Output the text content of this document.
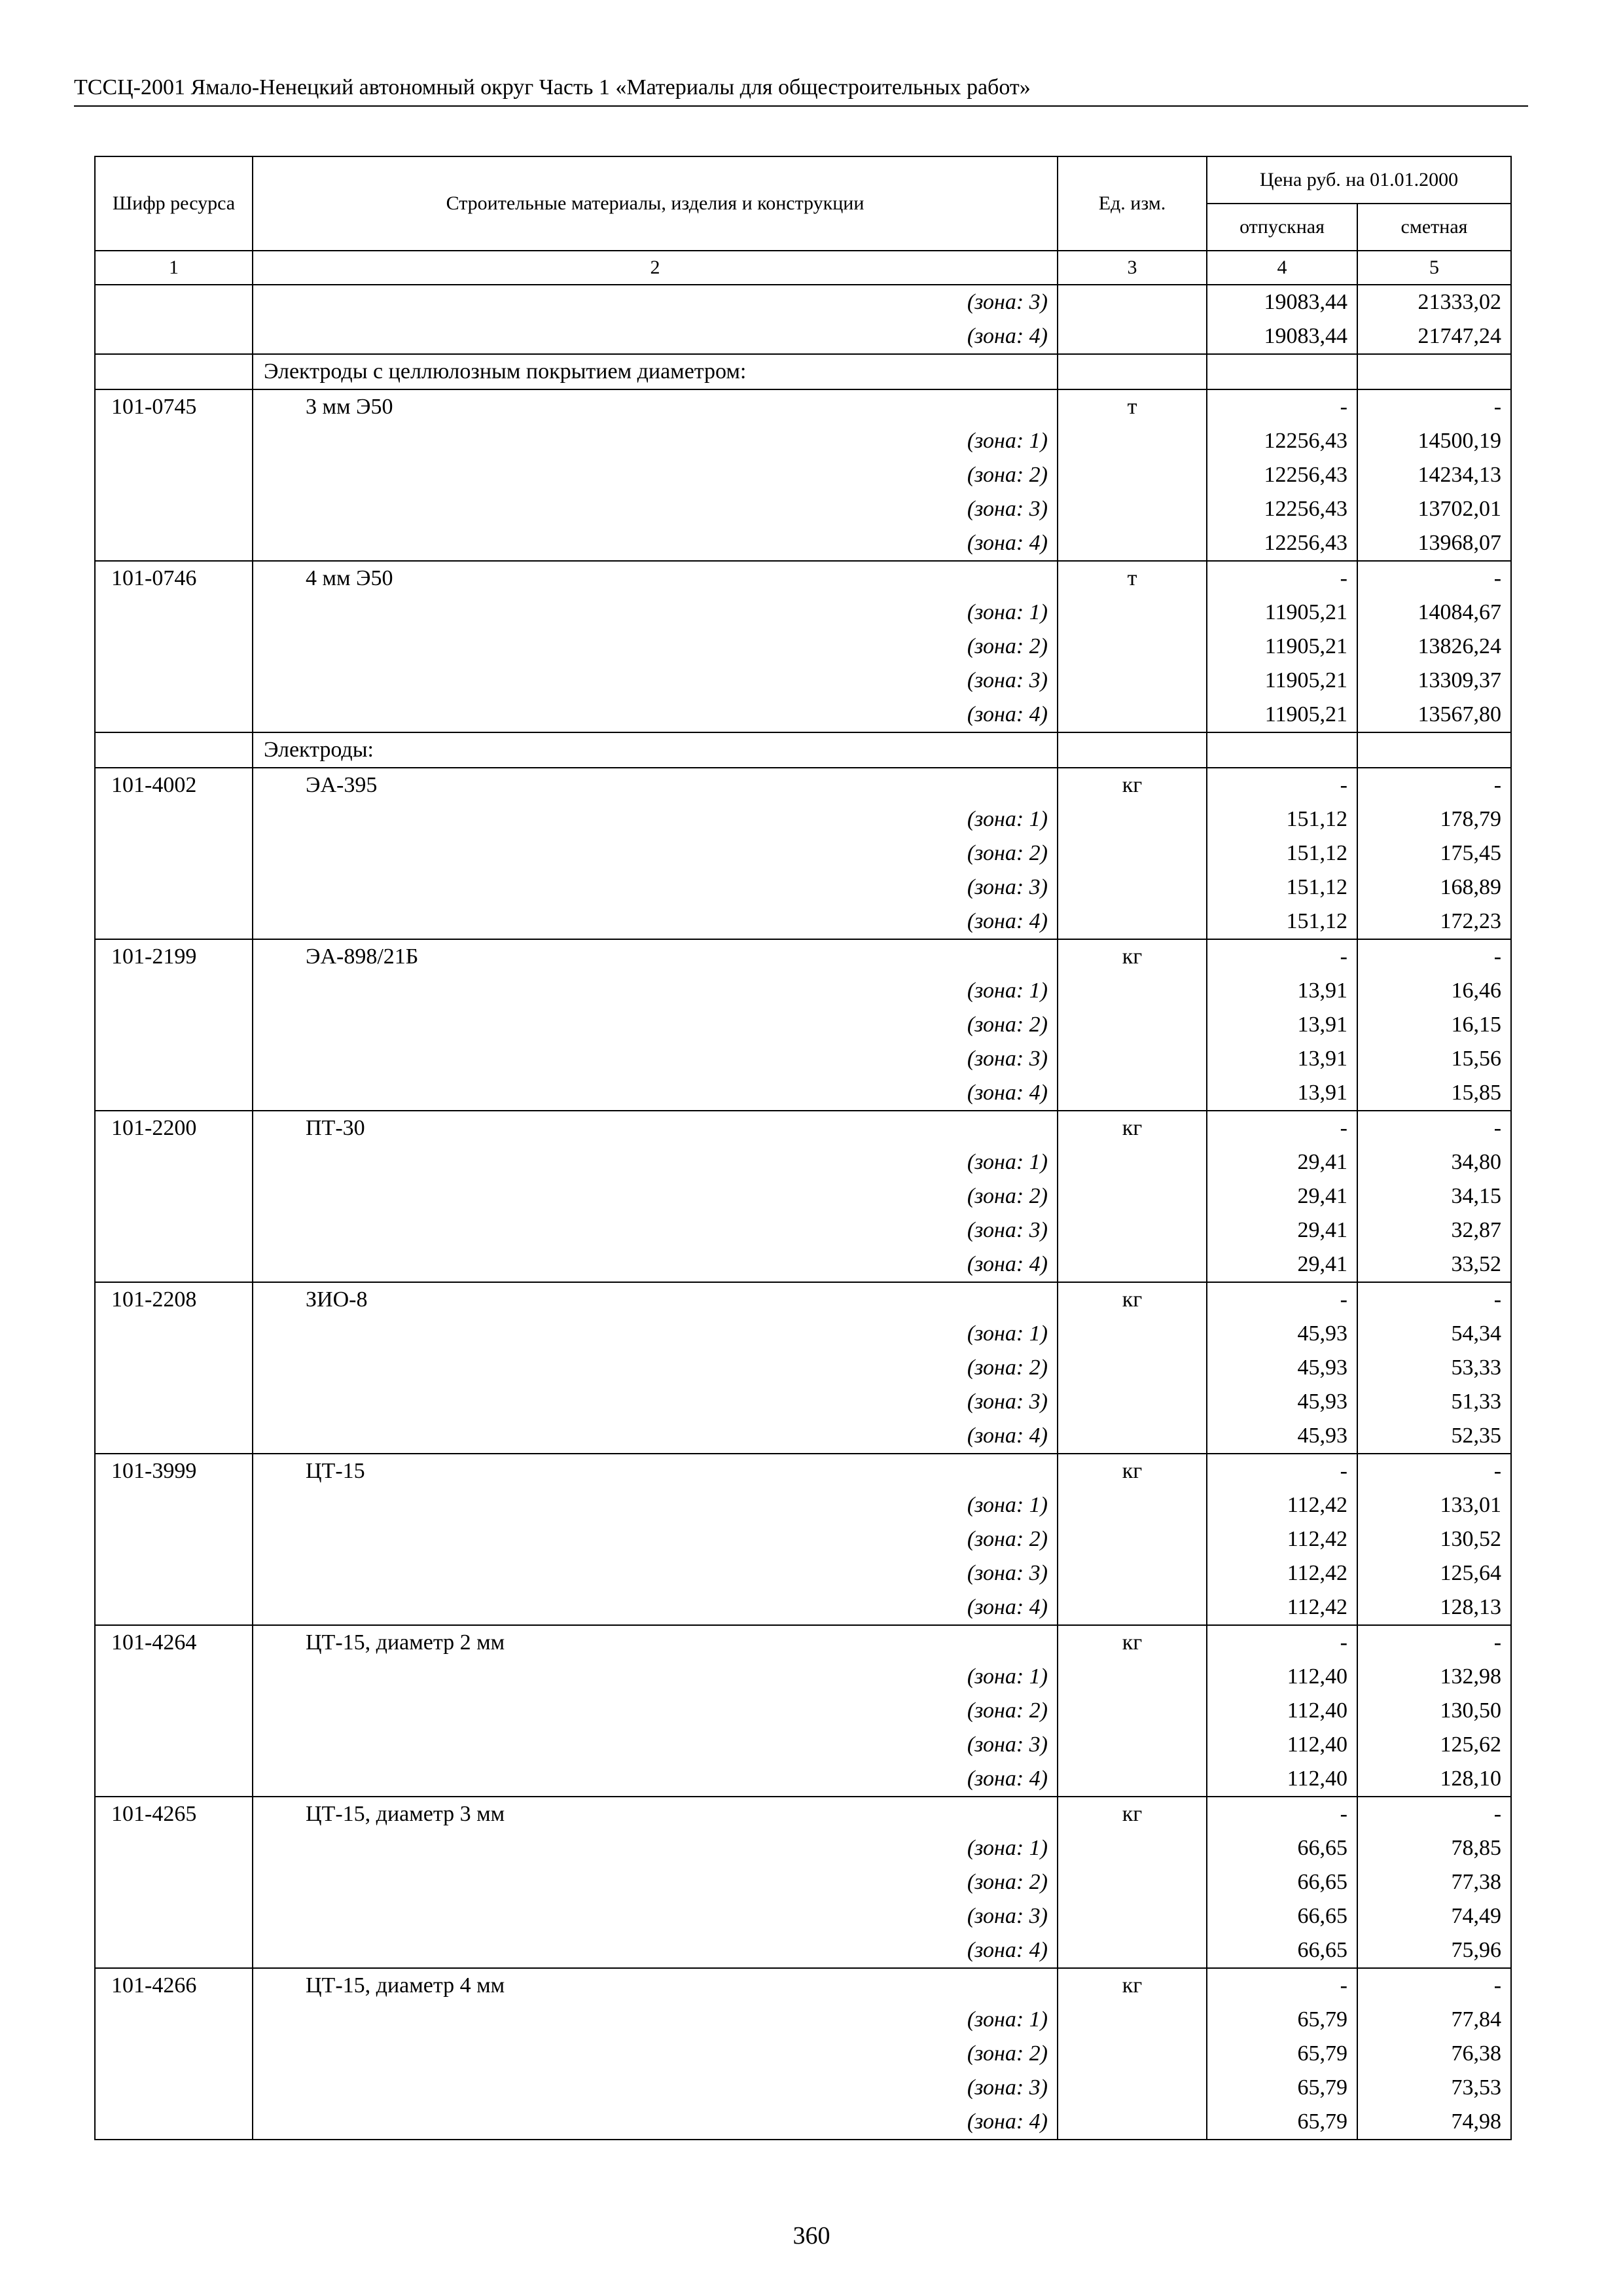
ТССЦ-2001 Ямало-Ненецкий автономный округ Часть 1 «Материалы для общестроительных работ»
Шифр ресурса	Строительные материалы, изделия и конструкции	Ед. изм.	Цена руб. на 01.01.2000	
			отпускная	сметная
1	2	3	4	5
	(зона: 3)		19083,44	21333,02
	(зона: 4)		19083,44	21747,24
	Электроды с целлюлозным покрытием диаметром:			
101-0745	3 мм Э50	т	-	-
	(зона: 1)		12256,43	14500,19
	(зона: 2)		12256,43	14234,13
	(зона: 3)		12256,43	13702,01
	(зона: 4)		12256,43	13968,07
101-0746	4 мм Э50	т	-	-
	(зона: 1)		11905,21	14084,67
	(зона: 2)		11905,21	13826,24
	(зона: 3)		11905,21	13309,37
	(зона: 4)		11905,21	13567,80
	Электроды:			
101-4002	ЭА-395	кг	-	-
	(зона: 1)		151,12	178,79
	(зона: 2)		151,12	175,45
	(зона: 3)		151,12	168,89
	(зона: 4)		151,12	172,23
101-2199	ЭА-898/21Б	кг	-	-
	(зона: 1)		13,91	16,46
	(зона: 2)		13,91	16,15
	(зона: 3)		13,91	15,56
	(зона: 4)		13,91	15,85
101-2200	ПТ-30	кг	-	-
	(зона: 1)		29,41	34,80
	(зона: 2)		29,41	34,15
	(зона: 3)		29,41	32,87
	(зона: 4)		29,41	33,52
101-2208	ЗИО-8	кг	-	-
	(зона: 1)		45,93	54,34
	(зона: 2)		45,93	53,33
	(зона: 3)		45,93	51,33
	(зона: 4)		45,93	52,35
101-3999	ЦТ-15	кг	-	-
	(зона: 1)		112,42	133,01
	(зона: 2)		112,42	130,52
	(зона: 3)		112,42	125,64
	(зона: 4)		112,42	128,13
101-4264	ЦТ-15, диаметр 2 мм	кг	-	-
	(зона: 1)		112,40	132,98
	(зона: 2)		112,40	130,50
	(зона: 3)		112,40	125,62
	(зона: 4)		112,40	128,10
101-4265	ЦТ-15, диаметр 3 мм	кг	-	-
	(зона: 1)		66,65	78,85
	(зона: 2)		66,65	77,38
	(зона: 3)		66,65	74,49
	(зона: 4)		66,65	75,96
101-4266	ЦТ-15, диаметр 4 мм	кг	-	-
	(зона: 1)		65,79	77,84
	(зона: 2)		65,79	76,38
	(зона: 3)		65,79	73,53
	(зона: 4)		65,79	74,98
360
